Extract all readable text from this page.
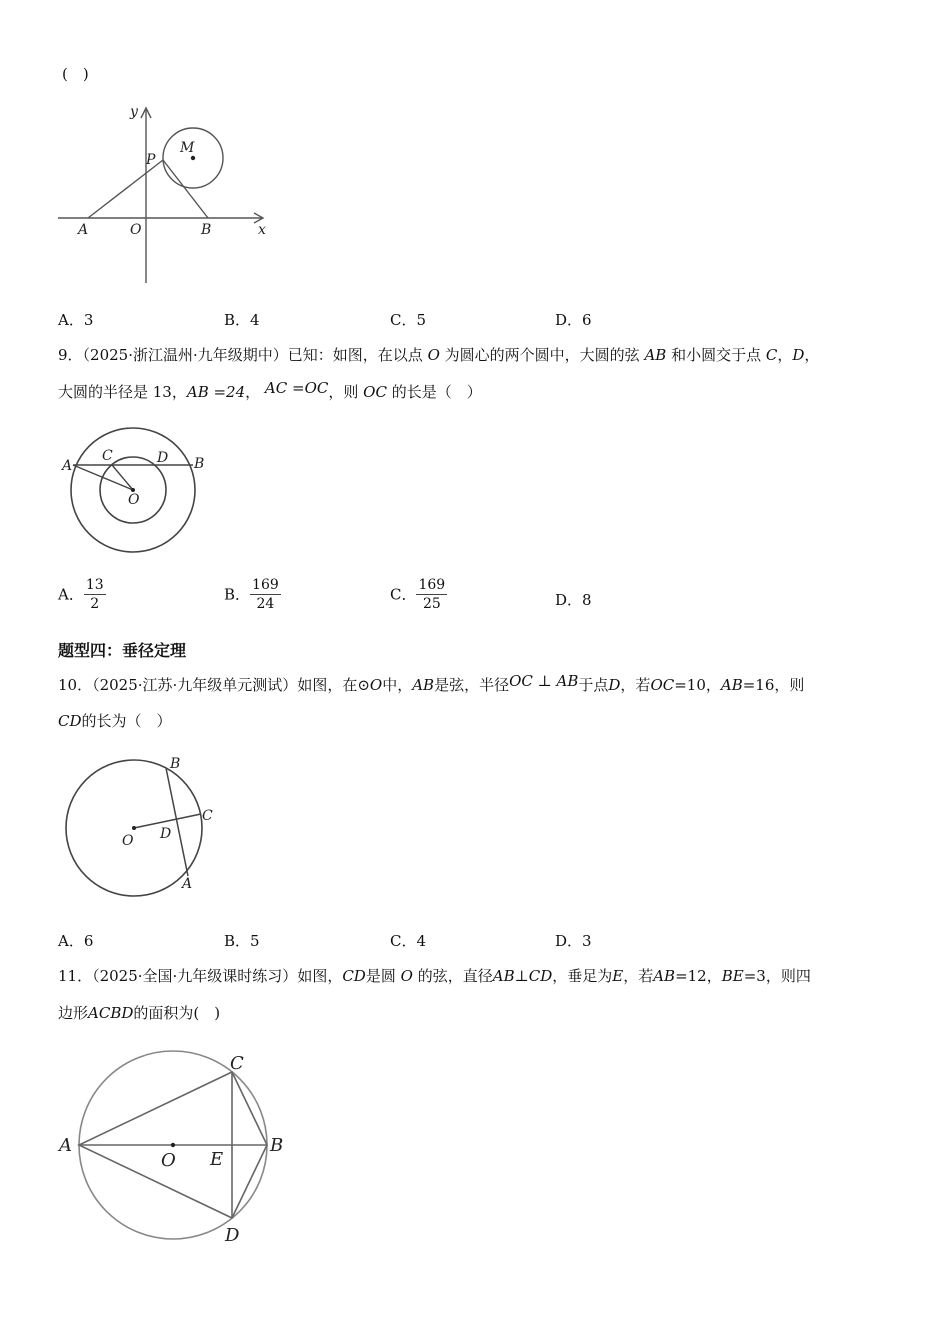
(　)
y
x
O
A	B
P
M
A．3	B．4	C．5	D．6
9．（2025·浙江温州·九年级期中）已知：如图，在以点 O 为圆心的两个圆中，大圆的弦 AB 和小圆交于点 C，D，
大圆的半径是 13，AB =24， AC =OC，则 OC 的长是（　）
A	B
C	D
O
A． $\frac{13}{2}$	B． $\frac{169}{24}$	C． $\frac{169}{25}$	D．8
题型四：垂径定理
10．（2025·江苏·九年级单元测试）如图，在⊙O中，AB是弦，半径OC ⊥ AB于点D，若OC=10，AB=16，则
CD的长为（　）
B
C
D
O
A
A．6	B．5	C．4	D．3
11．（2025·全国·九年级课时练习）如图，CD是圆 O 的弦，直径AB⊥CD，垂足为E，若AB=12，BE=3，则四
边形ACBD的面积为(　)
A	B
C
D
E
O
